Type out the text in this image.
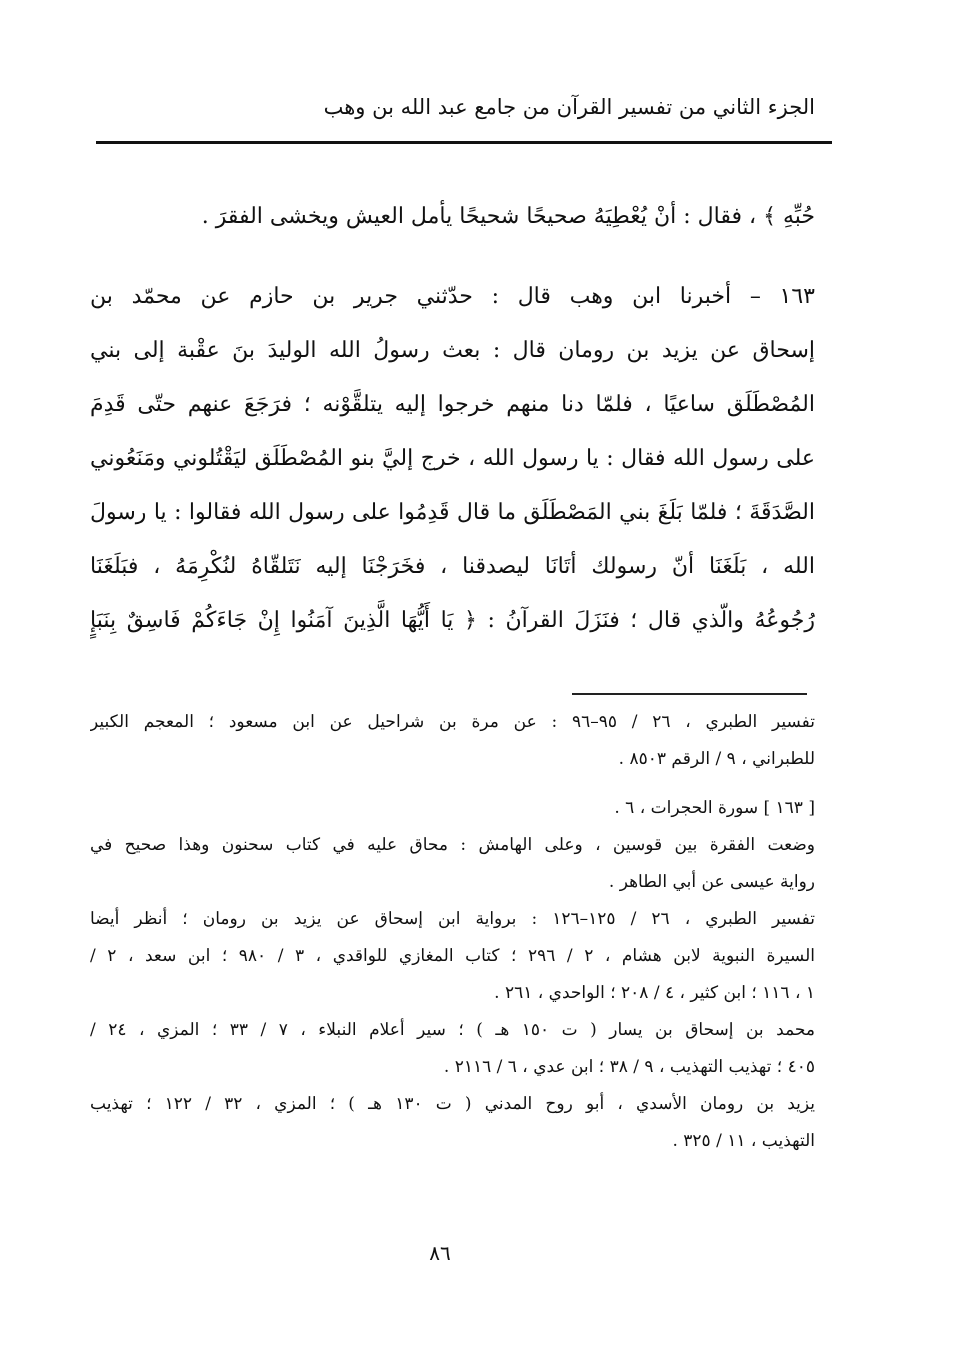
الجزء الثاني من تفسير القرآن من جامع عبد الله بن وهب
حُبِّهِ ﴾ ، فقال : أنْ يُعْطِيَهُ صحيحًا شحيحًا يأمل العيش ويخشى الفقرَ .
١٦٣ – أخبرنا ابن وهب قال : حدّثني جرير بن حازم عن محمّد بن
إسحاق عن يزيد بن رومان قال : بعث رسولُ الله الوليدَ بنَ عقْبة إلى بني
المُصْطَلَق ساعيًا ، فلمّا دنا منهم خرجوا إليه يتلقَّوْنه ؛ فرَجَعَ عنهم حتّى قَدِمَ
على رسول الله فقال : يا رسول الله ، خرج إليَّ بنو المُصْطَلَق ليَقْتُلوني ومَنَعُوني
الصَّدَقَةَ ؛ فلمّا بَلَغَ بني المَصْطَلَق ما قال قَدِمُوا على رسول الله فقالوا : يا رسولَ
الله ، بَلَغَنَا أنّ رسولك أتَانَا ليصدقنا ، فخَرَجْنَا إليه نَتَلقّاهُ لنُكْرِمَهُ ، فبَلَغَنَا
رُجُوعُهُ والّذي قال ؛ فنَزَلَ القرآنُ : ﴿ يَا أَيُّهَا الَّذِينَ آمَنُوا إِنْ جَاءَكُمْ فَاسِقٌ بِنَبَإٍ
تفسير الطبري ، ٢٦ / ٩٥–٩٦ : عن مرة بن شراحيل عن ابن مسعود ؛ المعجم الكبير
للطبراني ، ٩ / الرقم ٨٥٠٣ .
[ ١٦٣ ] سورة الحجرات ، ٦ .
وضعت الفقرة بين قوسين ، وعلى الهامش : محاق عليه في كتاب سحنون وهذا صحيح في
رواية عيسى عن أبي الطاهر .
تفسير الطبري ، ٢٦ / ١٢٥–١٢٦ : برواية ابن إسحاق عن يزيد بن رومان ؛ أنظر أيضا
السيرة النبوية لابن هشام ، ٢ / ٢٩٦ ؛ كتاب المغازي للواقدي ، ٣ / ٩٨٠ ؛ ابن سعد ، ٢ /
١ ، ١١٦ ؛ ابن كثير ، ٤ / ٢٠٨ ؛ الواحدي ، ٢٦١ .
محمد بن إسحاق بن يسار ( ت ١٥٠ هـ ) ؛ سير أعلام النبلاء ، ٧ / ٣٣ ؛ المزي ، ٢٤ /
٤٠٥ ؛ تهذيب التهذيب ، ٩ / ٣٨ ؛ ابن عدي ، ٦ / ٢١١٦ .
يزيد بن رومان الأسدي ، أبو روح المدني ( ت ١٣٠ هـ ) ؛ المزي ، ٣٢ / ١٢٢ ؛ تهذيب
التهذيب ، ١١ / ٣٢٥ .
٨٦
